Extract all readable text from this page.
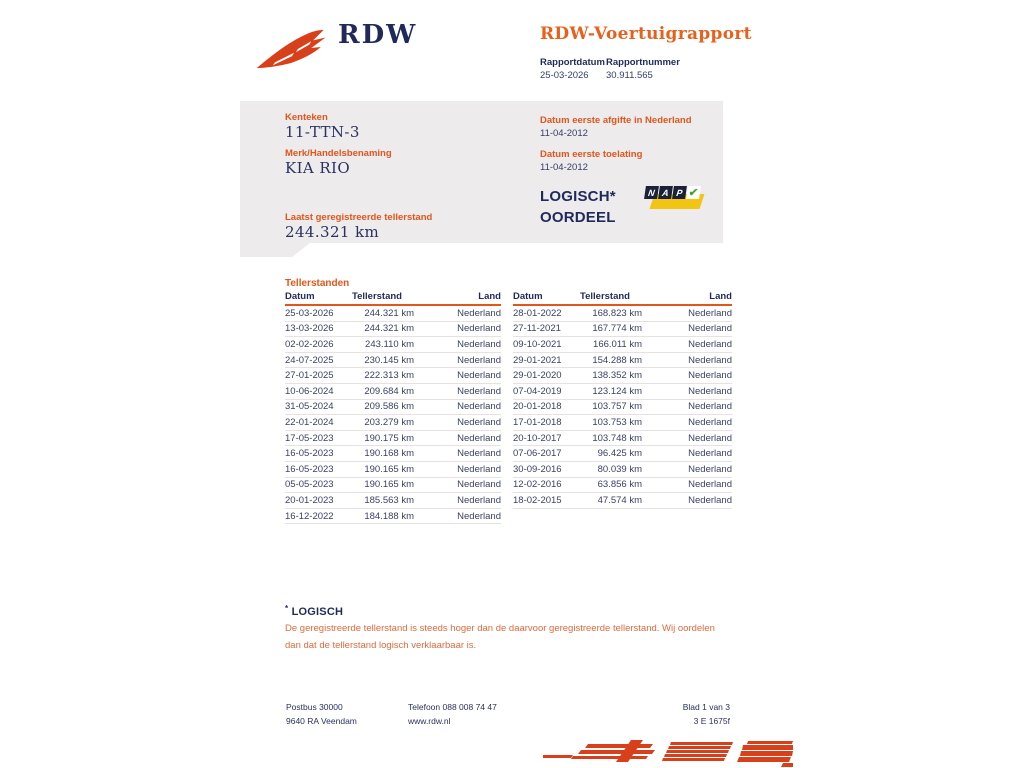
RDW	RDW-Voertuigrapport
Rapportdatum
25-03-2026
Rapportnummer
30.911.565
Kenteken
11-TTN-3
Merk/Handelsbenaming
KIA RIO
Laatst geregistreerde tellerstand
244.321 km
Datum eerste afgifte in Nederland
11-04-2012
Datum eerste toelating
11-04-2012
LOGISCH*
OORDEEL
N A P ✔
Tellerstanden
Datum	Tellerstand	Land
25-03-2026	244.321 km	Nederland
13-03-2026	244.321 km	Nederland
02-02-2026	243.110 km	Nederland
24-07-2025	230.145 km	Nederland
27-01-2025	222.313 km	Nederland
10-06-2024	209.684 km	Nederland
31-05-2024	209.586 km	Nederland
22-01-2024	203.279 km	Nederland
17-05-2023	190.175 km	Nederland
16-05-2023	190.168 km	Nederland
16-05-2023	190.165 km	Nederland
05-05-2023	190.165 km	Nederland
20-01-2023	185.563 km	Nederland
16-12-2022	184.188 km	Nederland
Datum	Tellerstand	Land
28-01-2022	168.823 km	Nederland
27-11-2021	167.774 km	Nederland
09-10-2021	166.011 km	Nederland
29-01-2021	154.288 km	Nederland
29-01-2020	138.352 km	Nederland
07-04-2019	123.124 km	Nederland
20-01-2018	103.757 km	Nederland
17-01-2018	103.753 km	Nederland
20-10-2017	103.748 km	Nederland
07-06-2017	96.425 km	Nederland
30-09-2016	80.039 km	Nederland
12-02-2016	63.856 km	Nederland
18-02-2015	47.574 km	Nederland
* LOGISCH
De geregistreerde tellerstand is steeds hoger dan de daarvoor geregistreerde tellerstand. Wij oordelen dan dat de tellerstand logisch verklaarbaar is.
Postbus 30000
9640 RA Veendam
Telefoon 088 008 74 47
www.rdw.nl
Blad 1 van 3
3 E 1675f
